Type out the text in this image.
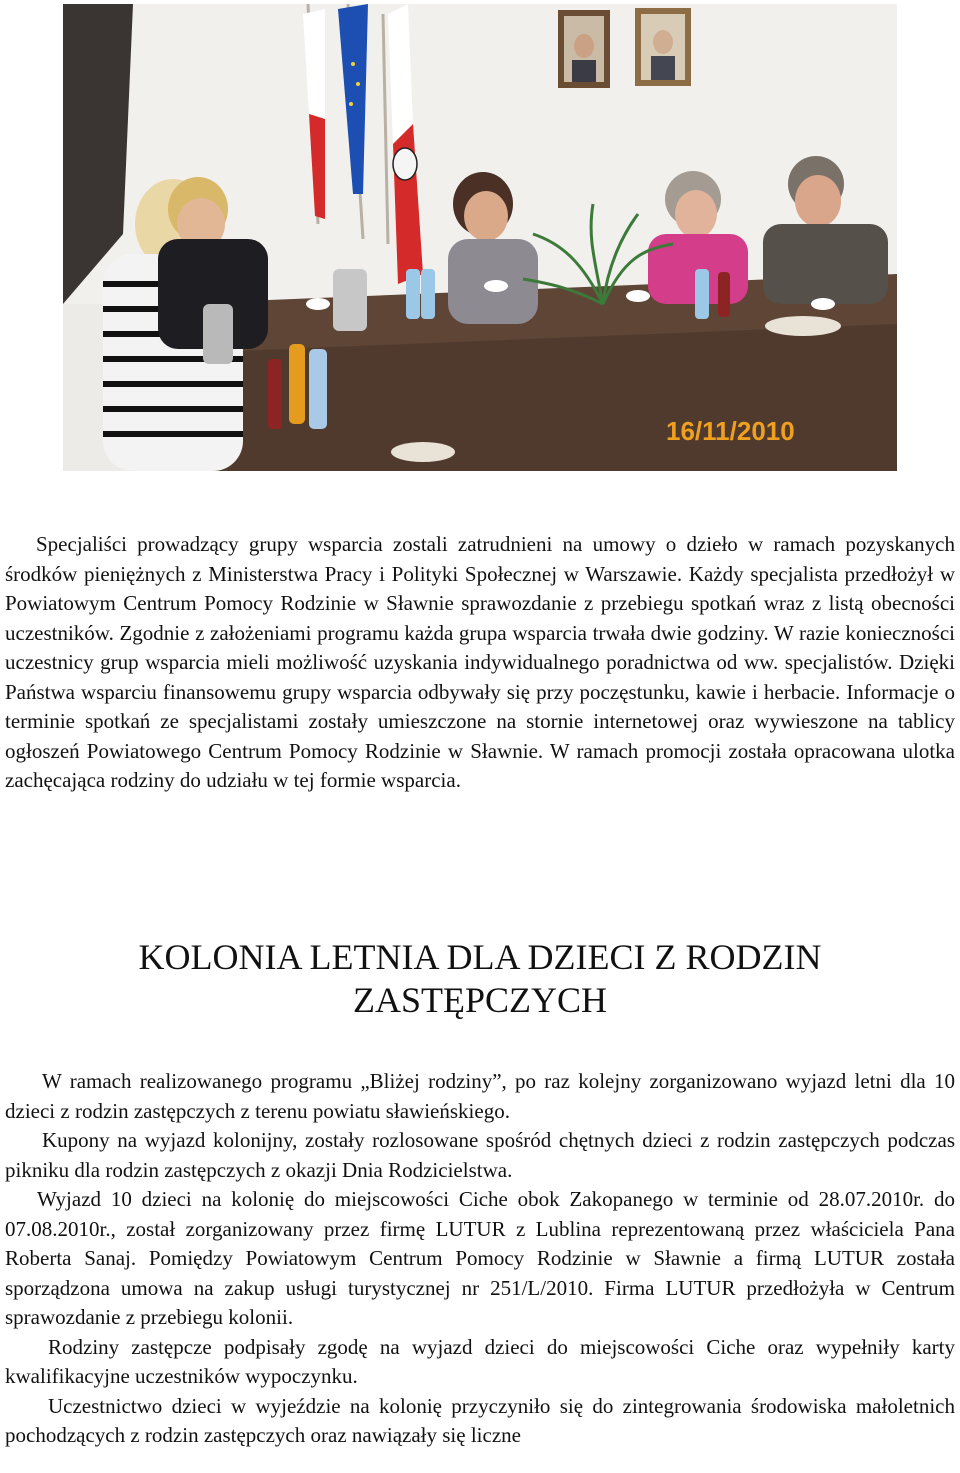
16/11/2010

Specjaliści prowadzący grupy wsparcia zostali zatrudnieni na umowy o dzieło w ramach pozyskanych środków pieniężnych z Ministerstwa Pracy i Polityki Społecznej w Warszawie. Każdy specjalista przedłożył w Powiatowym Centrum Pomocy Rodzinie w Sławnie sprawozdanie z przebiegu spotkań wraz z listą obecności uczestników. Zgodnie z założeniami programu każda grupa wsparcia trwała dwie godziny. W razie konieczności uczestnicy grup wsparcia mieli możliwość uzyskania indywidualnego poradnictwa od ww. specjalistów. Dzięki Państwa wsparciu finansowemu grupy wsparcia odbywały się przy poczęstunku, kawie i herbacie. Informacje o terminie spotkań ze specjalistami zostały umieszczone na stornie internetowej oraz wywieszone na tablicy ogłoszeń Powiatowego Centrum Pomocy Rodzinie w Sławnie. W ramach promocji została opracowana ulotka zachęcająca rodziny do udziału w tej formie wsparcia.

KOLONIA LETNIA DLA DZIECI Z RODZIN
ZASTĘPCZYCH

W ramach realizowanego programu „Bliżej rodziny”, po raz kolejny zorganizowano wyjazd letni dla 10 dzieci z rodzin zastępczych z terenu powiatu sławieńskiego.

Kupony na wyjazd kolonijny, zostały rozlosowane spośród chętnych dzieci z rodzin zastępczych podczas pikniku dla rodzin zastępczych z okazji Dnia Rodzicielstwa.

Wyjazd 10 dzieci na kolonię do miejscowości Ciche obok Zakopanego w terminie od 28.07.2010r. do 07.08.2010r., został zorganizowany przez firmę LUTUR z Lublina reprezentowaną przez właściciela Pana Roberta Sanaj. Pomiędzy Powiatowym Centrum Pomocy Rodzinie w Sławnie a firmą LUTUR została sporządzona umowa na zakup usługi turystycznej nr 251/L/2010. Firma LUTUR przedłożyła w Centrum sprawozdanie z przebiegu kolonii.

Rodziny zastępcze podpisały zgodę na wyjazd dzieci do miejscowości Ciche oraz wypełniły karty kwalifikacyjne uczestników wypoczynku.

Uczestnictwo dzieci w wyjeździe na kolonię przyczyniło się do zintegrowania środowiska małoletnich pochodzących z rodzin zastępczych oraz nawiązały się liczne
